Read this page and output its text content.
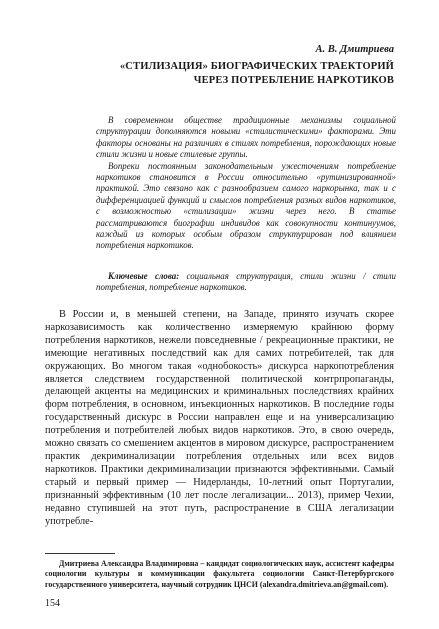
А. В. Дмитриева
«СТИЛИЗАЦИЯ» БИОГРАФИЧЕСКИХ ТРАЕКТОРИЙ
ЧЕРЕЗ ПОТРЕБЛЕНИЕ НАРКОТИКОВ

В современном обществе традиционные механизмы социальной структурации дополняются новыми «стилистическими» факторами. Эти факторы основаны на различиях в стилях потребления, порождающих новые стили жизни и новые стилевые группы.

Вопреки постоянным законодательным ужесточениям потребление наркотиков становится в России относительно «рутинизированной» практикой. Это связано как с разнообразием самого наркорынка, так и с дифференциацией функций и смыслов потребления разных видов наркотиков, с возможностью «стилизации» жизни через него. В статье рассматриваются биографии индивидов как совокупности континуумов, каждый из которых особым образом структурирован под влиянием потребления наркотиков.

Ключевые слова: социальная структурация, стили жизни / стили потребления, потребление наркотиков.

В России и, в меньшей степени, на Западе, принято изучать скорее наркозависимость как количественно измеряемую крайнюю форму потребления наркотиков, нежели повседневные / рекреационные практики, не имеющие негативных последствий как для самих потребителей, так для окружающих. Во многом такая «однобокость» дискурса наркопотребления является следствием государственной политической контрпропаганды, делающей акценты на медицинских и криминальных последствиях крайних форм потребления, в основном, инъекционных наркотиков. В последние годы государственный дискурс в России направлен еще и на универсализацию потребления и потребителей любых видов наркотиков. Это, в свою очередь, можно связать со смешением акцентов в мировом дискурсе, распространением практик декриминализации потребления отдельных или всех видов наркотиков. Практики декриминализации признаются эффективными. Самый старый и первый пример — Нидерланды, 10-летний опыт Португалии, признанный эффективным (10 лет после легализации... 2013), пример Чехии, недавно ступившей на этот путь, распространение в США легализации употребле-

Дмитриева Александра Владимировна – кандидат социологических наук, ассистент кафедры социологии культуры и коммуникации факультета социологии Санкт-Петербургского государственного университета, научный сотрудник ЦНСИ (alexandra.dmitrieva.an@gmail.com).

154
